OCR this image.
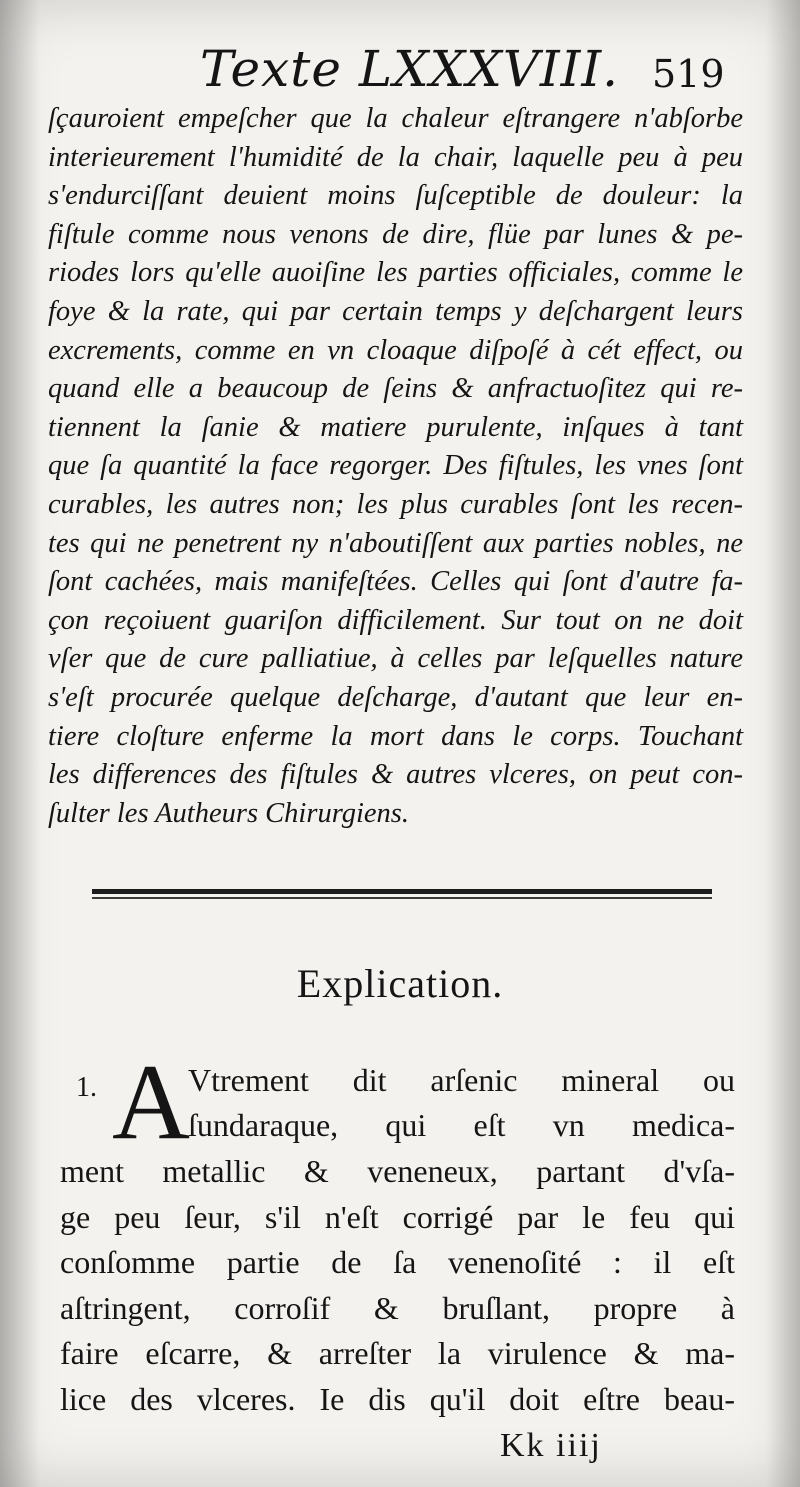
Texte LXXXVIII. 519
ſçauroient empeſcher que la chaleur eſtrangere n'abſorbe
interieurement l'humidité de la chair, laquelle peu à peu
s'endurciſſant deuient moins ſuſceptible de douleur: la
fiſtule comme nous venons de dire, flüe par lunes & pe-
riodes lors qu'elle auoiſine les parties officiales, comme le
foye & la rate, qui par certain temps y deſchargent leurs
excrements, comme en vn cloaque diſpoſé à cét effect, ou
quand elle a beaucoup de ſeins & anfractuoſitez qui re-
tiennent la ſanie & matiere purulente, inſques à tant
que ſa quantité la face regorger. Des fiſtules, les vnes ſont
curables, les autres non; les plus curables ſont les recen-
tes qui ne penetrent ny n'aboutiſſent aux parties nobles, ne
ſont cachées, mais manifeſtées. Celles qui ſont d'autre fa-
çon reçoiuent guariſon difficilement. Sur tout on ne doit
vſer que de cure palliatiue, à celles par leſquelles nature
s'eſt procurée quelque deſcharge, d'autant que leur en-
tiere cloſture enferme la mort dans le corps. Touchant
les differences des fiſtules & autres vlceres, on peut con-
ſulter les Autheurs Chirurgiens.
Explication.
1. A
Vtrement dit arſenic mineral ou
ſundaraque, qui eſt vn medica-
ment metallic & veneneux, partant d'vſa-
ge peu ſeur, s'il n'eſt corrigé par le feu qui
conſomme partie de ſa venenoſité : il eſt
aſtringent, corroſif & bruſlant, propre à
faire eſcarre, & arreſter la virulence & ma-
lice des vlceres. Ie dis qu'il doit eſtre beau-
Kk iiij
